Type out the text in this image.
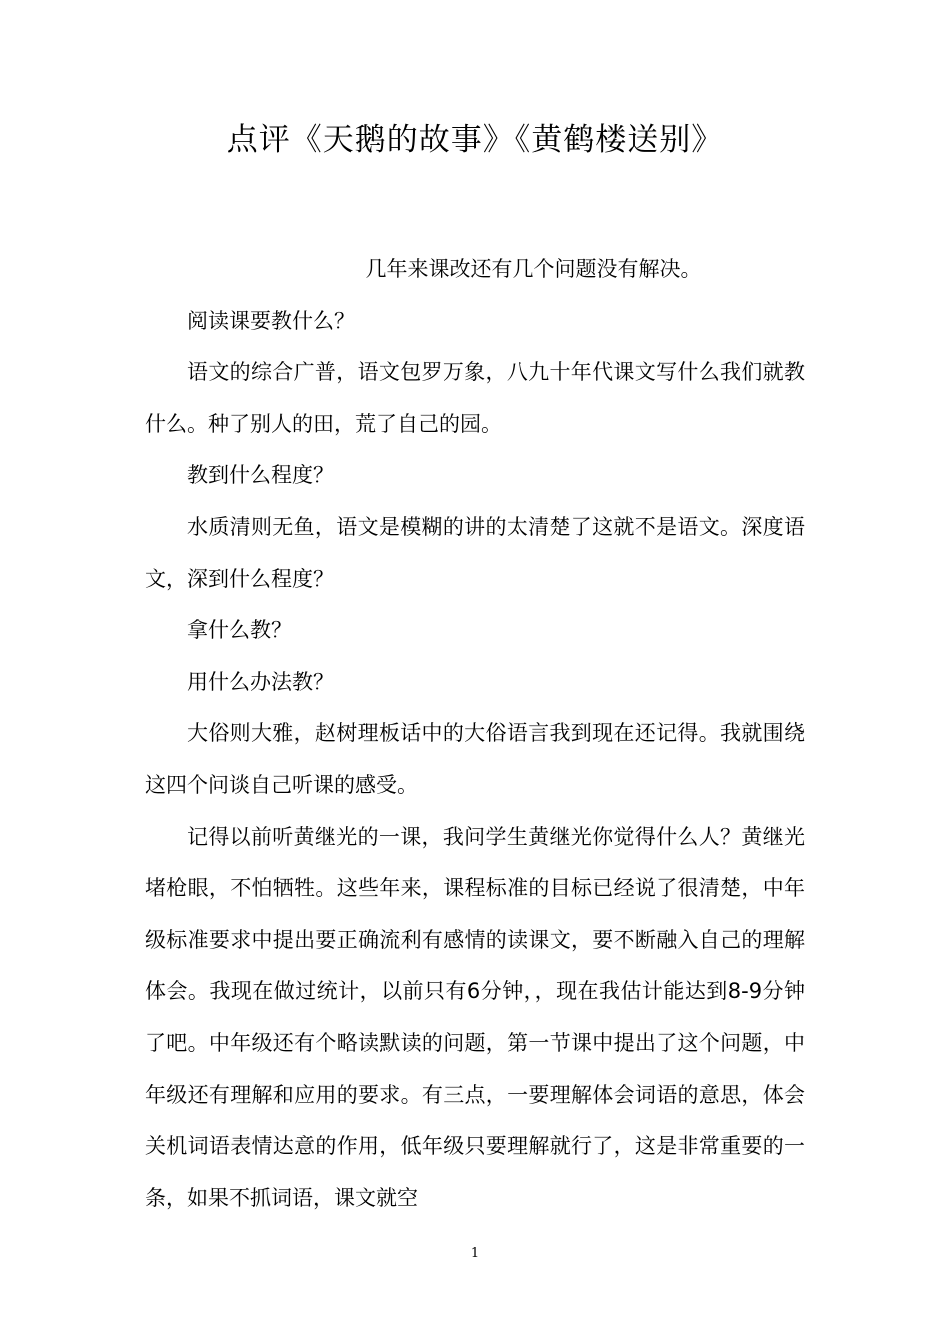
点评《天鹅的故事》《黄鹤楼送别》

几年来课改还有几个问题没有解决。

阅读课要教什么？

语文的综合广普，语文包罗万象，八九十年代课文写什么我们就教什么。种了别人的田，荒了自己的园。

教到什么程度？

水质清则无鱼，语文是模糊的讲的太清楚了这就不是语文。深度语文，深到什么程度？

拿什么教？

用什么办法教？

大俗则大雅，赵树理板话中的大俗语言我到现在还记得。我就围绕这四个问谈自己听课的感受。

记得以前听黄继光的一课，我问学生黄继光你觉得什么人？黄继光堵枪眼，不怕牺牲。这些年来，课程标准的目标已经说了很清楚，中年级标准要求中提出要正确流利有感情的读课文，要不断融入自己的理解体会。我现在做过统计，以前只有6分钟，，现在我估计能达到8-9分钟了吧。中年级还有个略读默读的问题，第一节课中提出了这个问题，中年级还有理解和应用的要求。有三点，一要理解体会词语的意思，体会关机词语表情达意的作用，低年级只要理解就行了，这是非常重要的一条，如果不抓词语，课文就空

1
